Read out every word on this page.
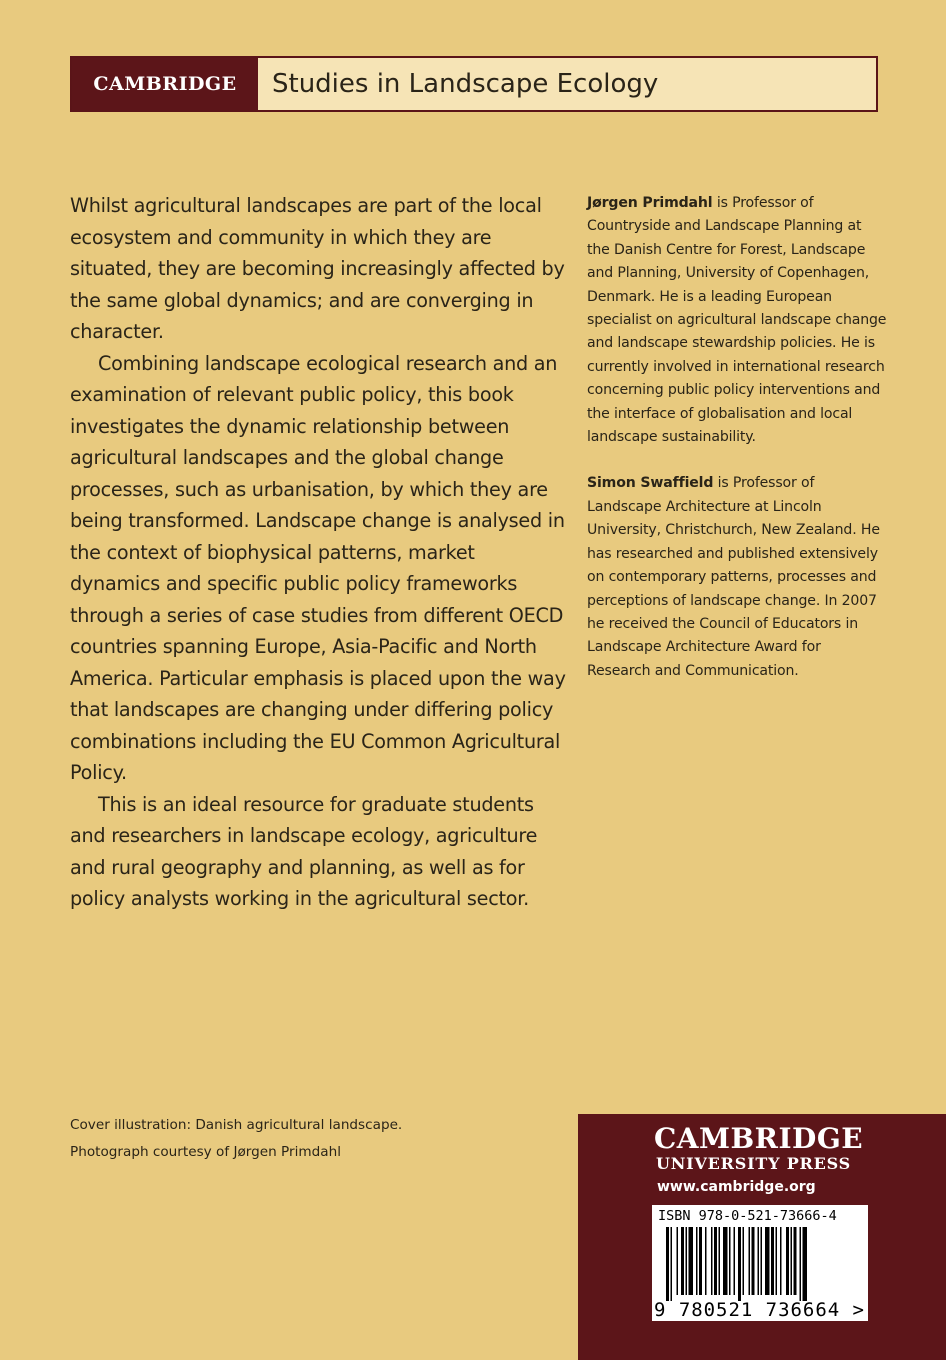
CAMBRIDGE	Studies in Landscape Ecology

Whilst agricultural landscapes are part of the local ecosystem and community in which they are situated, they are becoming increasingly affected by the same global dynamics; and are converging in character.

Combining landscape ecological research and an examination of relevant public policy, this book investigates the dynamic relationship between agricultural landscapes and the global change processes, such as urbanisation, by which they are being transformed. Landscape change is analysed in the context of biophysical patterns, market dynamics and specific public policy frameworks through a series of case studies from different OECD countries spanning Europe, Asia-Pacific and North America. Particular emphasis is placed upon the way that landscapes are changing under differing policy combinations including the EU Common Agricultural Policy.

This is an ideal resource for graduate students and researchers in landscape ecology, agriculture and rural geography and planning, as well as for policy analysts working in the agricultural sector.

Jørgen Primdahl is Professor of Countryside and Landscape Planning at the Danish Centre for Forest, Landscape and Planning, University of Copenhagen, Denmark. He is a leading European specialist on agricultural landscape change and landscape stewardship policies. He is currently involved in international research concerning public policy interventions and the interface of globalisation and local landscape sustainability.

Simon Swaffield is Professor of Landscape Architecture at Lincoln University, Christchurch, New Zealand. He has researched and published extensively on contemporary patterns, processes and perceptions of landscape change. In 2007 he received the Council of Educators in Landscape Architecture Award for Research and Communication.

Cover illustration: Danish agricultural landscape.
Photograph courtesy of Jørgen Primdahl	CAMBRIDGE
UNIVERSITY PRESS
www.cambridge.org
ISBN 978-0-521-73666-4
9 780521 736664 >
